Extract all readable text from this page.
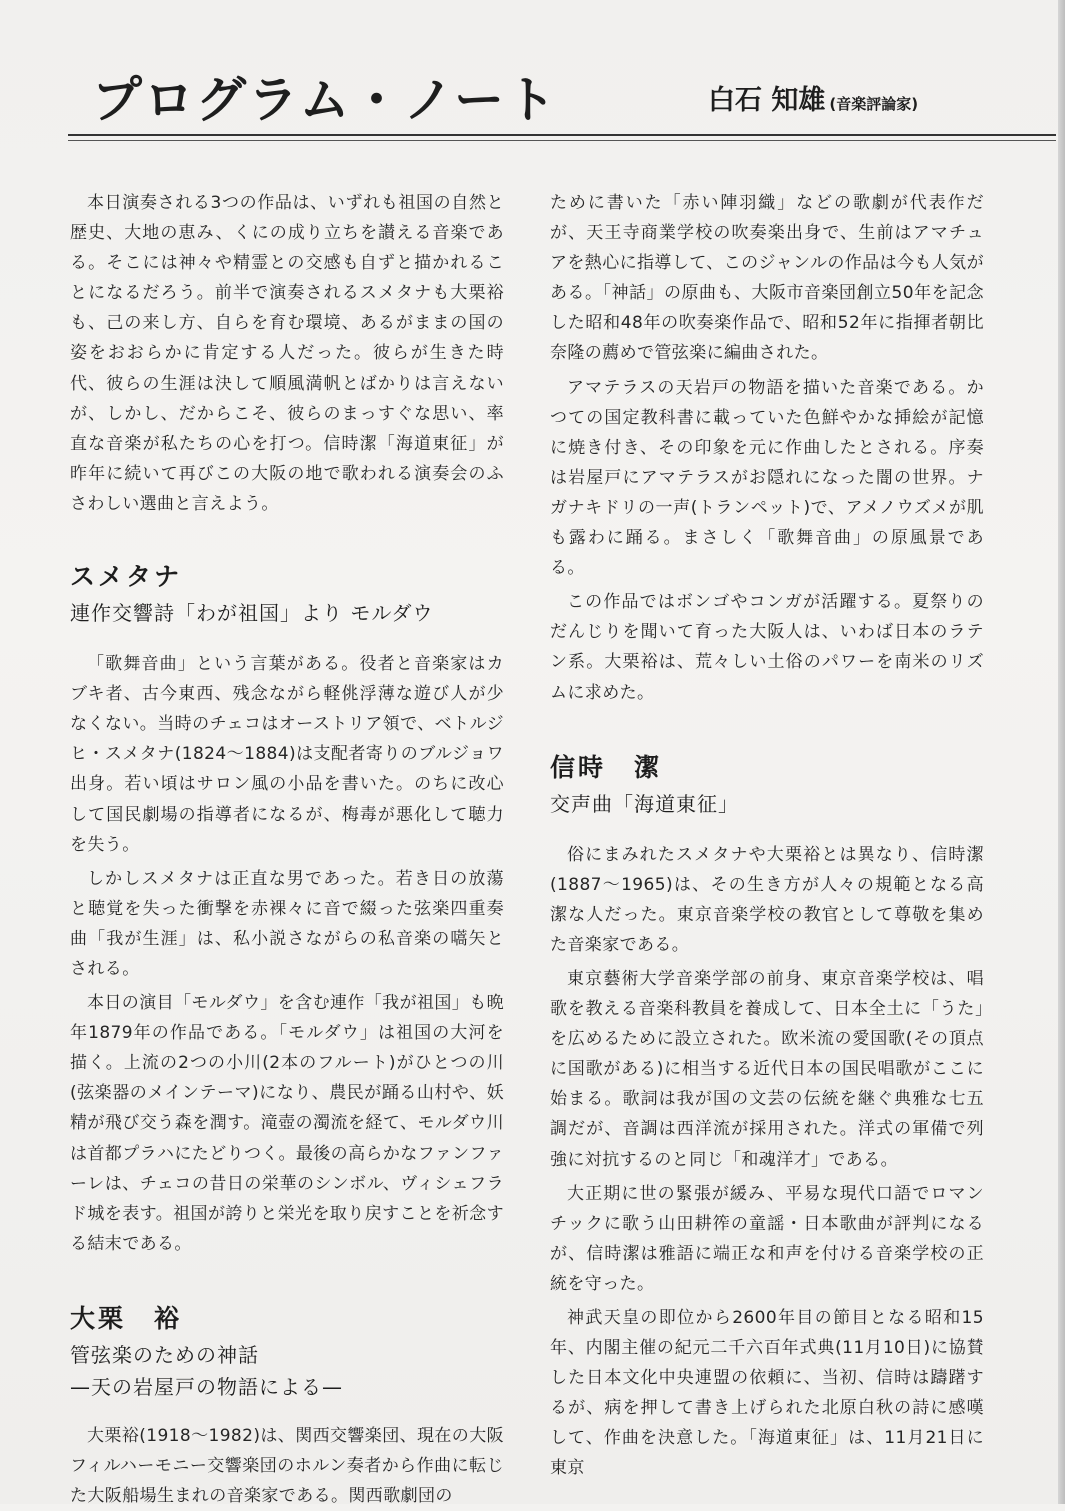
プログラム・ノート	白石 知雄 (音楽評論家)

本日演奏される3つの作品は、いずれも祖国の自然と歴史、大地の恵み、くにの成り立ちを讃える音楽である。そこには神々や精霊との交感も自ずと描かれることになるだろう。前半で演奏されるスメタナも大栗裕も、己の来し方、自らを育む環境、あるがままの国の姿をおおらかに肯定する人だった。彼らが生きた時代、彼らの生涯は決して順風満帆とばかりは言えないが、しかし、だからこそ、彼らのまっすぐな思い、率直な音楽が私たちの心を打つ。信時潔「海道東征」が昨年に続いて再びこの大阪の地で歌われる演奏会のふさわしい選曲と言えよう。

スメタナ
連作交響詩「わが祖国」より モルダウ

「歌舞音曲」という言葉がある。役者と音楽家はカブキ者、古今東西、残念ながら軽佻浮薄な遊び人が少なくない。当時のチェコはオーストリア領で、ベトルジヒ・スメタナ(1824〜1884)は支配者寄りのブルジョワ出身。若い頃はサロン風の小品を書いた。のちに改心して国民劇場の指導者になるが、梅毒が悪化して聴力を失う。

しかしスメタナは正直な男であった。若き日の放蕩と聴覚を失った衝撃を赤裸々に音で綴った弦楽四重奏曲「我が生涯」は、私小説さながらの私音楽の嚆矢とされる。

本日の演目「モルダウ」を含む連作「我が祖国」も晩年1879年の作品である。「モルダウ」は祖国の大河を描く。上流の2つの小川(2本のフルート)がひとつの川(弦楽器のメインテーマ)になり、農民が踊る山村や、妖精が飛び交う森を潤す。滝壺の濁流を経て、モルダウ川は首都プラハにたどりつく。最後の高らかなファンファーレは、チェコの昔日の栄華のシンボル、ヴィシェフラド城を表す。祖国が誇りと栄光を取り戻すことを祈念する結末である。

大栗　裕
管弦楽のための神話
—天の岩屋戸の物語による—

大栗裕(1918〜1982)は、関西交響楽団、現在の大阪フィルハーモニー交響楽団のホルン奏者から作曲に転じた大阪船場生まれの音楽家である。関西歌劇団の

ために書いた「赤い陣羽織」などの歌劇が代表作だが、天王寺商業学校の吹奏楽出身で、生前はアマチュアを熱心に指導して、このジャンルの作品は今も人気がある。「神話」の原曲も、大阪市音楽団創立50年を記念した昭和48年の吹奏楽作品で、昭和52年に指揮者朝比奈隆の薦めで管弦楽に編曲された。

アマテラスの天岩戸の物語を描いた音楽である。かつての国定教科書に載っていた色鮮やかな挿絵が記憶に焼き付き、その印象を元に作曲したとされる。序奏は岩屋戸にアマテラスがお隠れになった闇の世界。ナガナキドリの一声(トランペット)で、アメノウズメが肌も露わに踊る。まさしく「歌舞音曲」の原風景である。

この作品ではボンゴやコンガが活躍する。夏祭りのだんじりを聞いて育った大阪人は、いわば日本のラテン系。大栗裕は、荒々しい土俗のパワーを南米のリズムに求めた。

信時　潔
交声曲「海道東征」

俗にまみれたスメタナや大栗裕とは異なり、信時潔(1887〜1965)は、その生き方が人々の規範となる高潔な人だった。東京音楽学校の教官として尊敬を集めた音楽家である。

東京藝術大学音楽学部の前身、東京音楽学校は、唱歌を教える音楽科教員を養成して、日本全土に「うた」を広めるために設立された。欧米流の愛国歌(その頂点に国歌がある)に相当する近代日本の国民唱歌がここに始まる。歌詞は我が国の文芸の伝統を継ぐ典雅な七五調だが、音調は西洋流が採用された。洋式の軍備で列強に対抗するのと同じ「和魂洋才」である。

大正期に世の緊張が緩み、平易な現代口語でロマンチックに歌う山田耕筰の童謡・日本歌曲が評判になるが、信時潔は雅語に端正な和声を付ける音楽学校の正統を守った。

神武天皇の即位から2600年目の節目となる昭和15年、内閣主催の紀元二千六百年式典(11月10日)に協賛した日本文化中央連盟の依頼に、当初、信時は躊躇するが、病を押して書き上げられた北原白秋の詩に感嘆して、作曲を決意した。「海道東征」は、11月21日に東京
